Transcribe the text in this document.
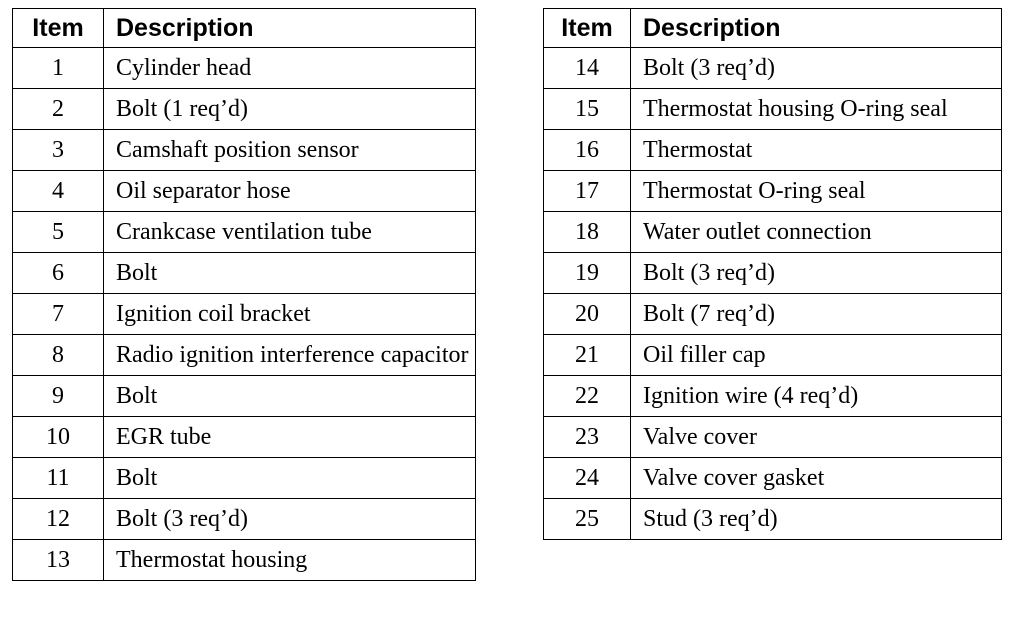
Item	Description
1	Cylinder head
2	Bolt (1 req’d)
3	Camshaft position sensor
4	Oil separator hose
5	Crankcase ventilation tube
6	Bolt
7	Ignition coil bracket
8	Radio ignition interference capacitor
9	Bolt
10	EGR tube
11	Bolt
12	Bolt (3 req’d)
13	Thermostat housing
Item	Description
14	Bolt (3 req’d)
15	Thermostat housing O-ring seal
16	Thermostat
17	Thermostat O-ring seal
18	Water outlet connection
19	Bolt (3 req’d)
20	Bolt (7 req’d)
21	Oil filler cap
22	Ignition wire (4 req’d)
23	Valve cover
24	Valve cover gasket
25	Stud (3 req’d)
